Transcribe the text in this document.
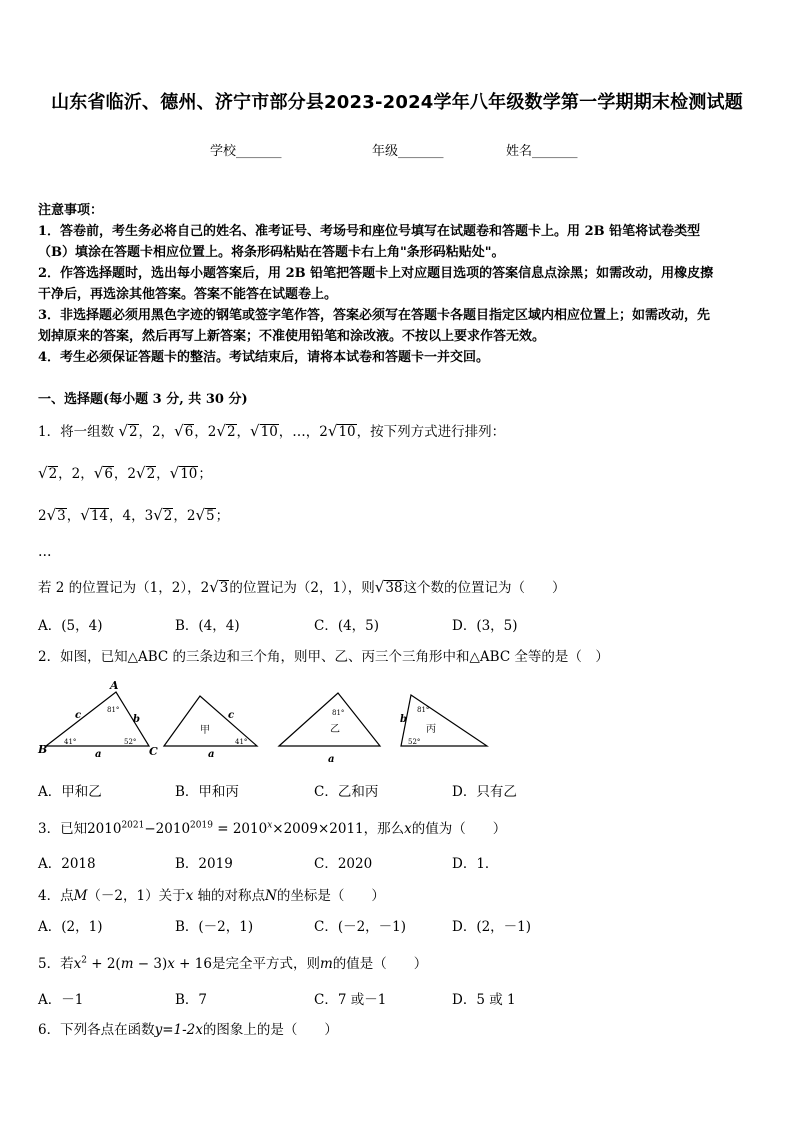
山东省临沂、德州、济宁市部分县2023-2024学年八年级数学第一学期期末检测试题
学校_______	年级_______	姓名_______

注意事项：

1．答卷前，考生务必将自己的姓名、准考证号、考场号和座位号填写在试题卷和答题卡上。用 2B 铅笔将试卷类型

（B）填涂在答题卡相应位置上。将条形码粘贴在答题卡右上角"条形码粘贴处"。

2．作答选择题时，选出每小题答案后，用 2B 铅笔把答题卡上对应题目选项的答案信息点涂黑；如需改动，用橡皮擦

干净后，再选涂其他答案。答案不能答在试题卷上。

3．非选择题必须用黑色字迹的钢笔或签字笔作答，答案必须写在答题卡各题目指定区域内相应位置上；如需改动，先

划掉原来的答案，然后再写上新答案；不准使用铅笔和涂改液。不按以上要求作答无效。

4．考生必须保证答题卡的整洁。考试结束后，请将本试卷和答题卡一并交回。

一、选择题(每小题 3 分, 共 30 分)
1．将一组数 √2，2，√6，2√2，√10，…，2√10，按下列方式进行排列：
√2，2，√6，2√2，√10；
2√3，√14，4，3√2，2√5；
…
若 2 的位置记为（1，2），2√3的位置记为（2，1），则√38这个数的位置记为（　　）
A．(5，4)	B．(4，4)	C．(4，5)	D．(3，5)
2．如图，已知△ABC 的三条边和三个角，则甲、乙、丙三个三角形中和△ABC 全等的是（　）
A
B	C
c	b
a
81°
41°	52°
甲
c
a
41°
乙
a
81°
丙
b
81°
52°
A．甲和乙	B．甲和丙	C．乙和丙	D．只有乙
3．已知$2010^{2021}-2010^{2019} = 2010^x\times 2009\times 2011$，那么x的值为（　　）
A．2018	B．2019	C．2020	D．1．
4．点M（－2，1）关于x 轴的对称点N的坐标是（　　）
A．(2，1)	B．(－2，1)	C．(－2，－1)	D．(2，－1)
5．若$x^2 + 2(m - 3)x + 16$是完全平方式，则m的值是（　　）
A．－1	B．7	C．7 或－1	D．5 或 1
6．下列各点在函数y=1-2x的图象上的是（　　）
